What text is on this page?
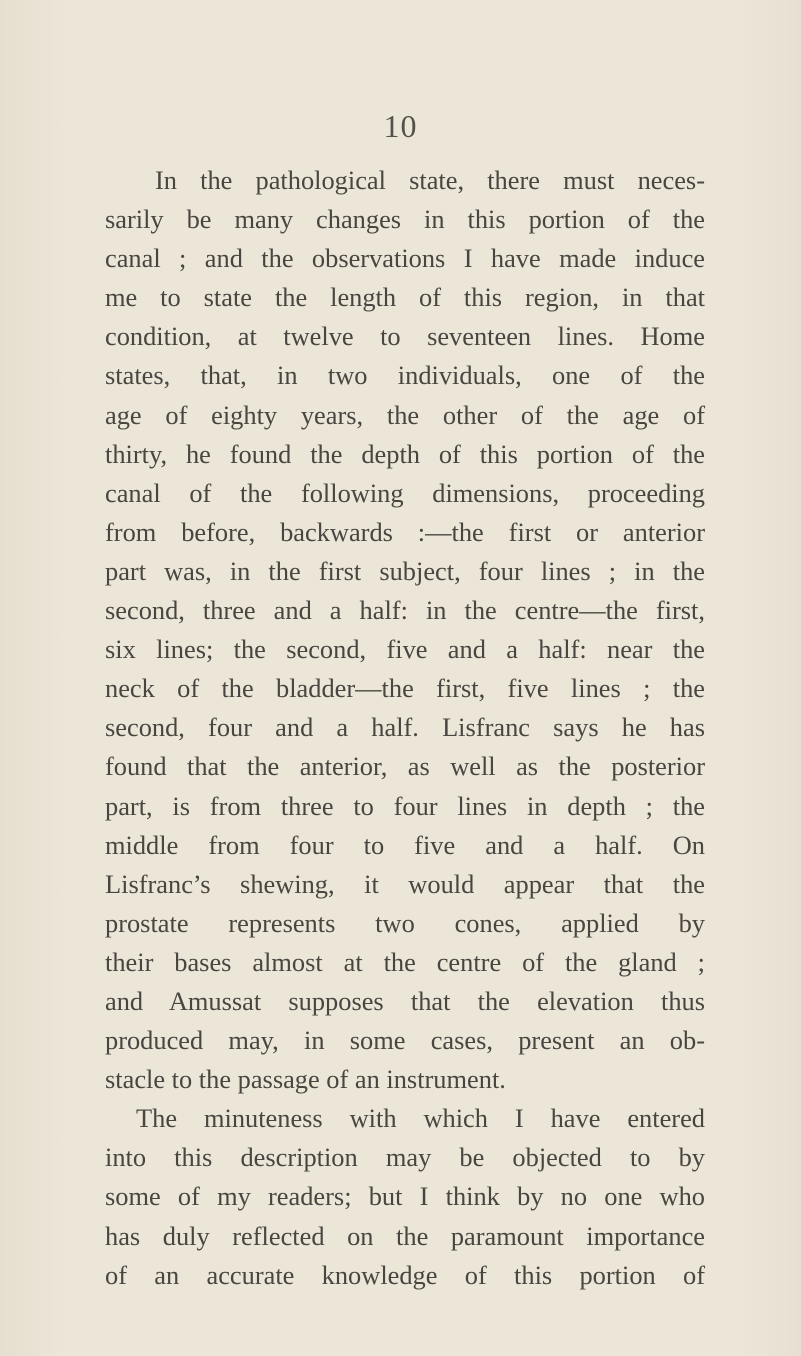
10
In the pathological state, there must neces-
sarily be many changes in this portion of the
canal ; and the observations I have made induce
me to state the length of this region, in that
condition, at twelve to seventeen lines. Home
states, that, in two individuals, one of the
age of eighty years, the other of the age of
thirty, he found the depth of this portion of the
canal of the following dimensions, proceeding
from before, backwards :—the first or anterior
part was, in the first subject, four lines ; in the
second, three and a half: in the centre—the first,
six lines; the second, five and a half: near the
neck of the bladder—the first, five lines ; the
second, four and a half. Lisfranc says he has
found that the anterior, as well as the posterior
part, is from three to four lines in depth ; the
middle from four to five and a half. On
Lisfranc’s shewing, it would appear that the
prostate represents two cones, applied by
their bases almost at the centre of the gland ;
and Amussat supposes that the elevation thus
produced may, in some cases, present an ob-
stacle to the passage of an instrument.
The minuteness with which I have entered
into this description may be objected to by
some of my readers; but I think by no one who
has duly reflected on the paramount importance
of an accurate knowledge of this portion of
